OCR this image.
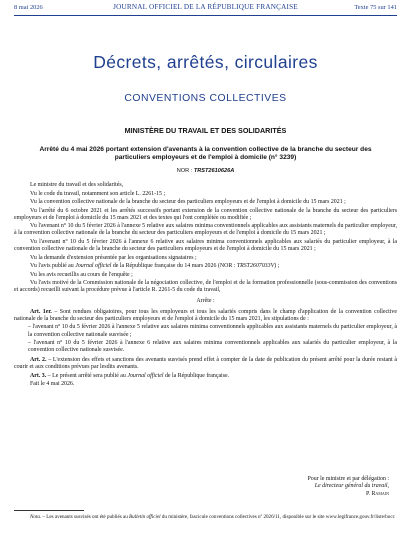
8 mai 2026	JOURNAL OFFICIEL DE LA RÉPUBLIQUE FRANÇAISE	Texte 75 sur 141
Décrets, arrêtés, circulaires
CONVENTIONS COLLECTIVES
MINISTÈRE DU TRAVAIL ET DES SOLIDARITÉS
Arrêté du 4 mai 2026 portant extension d'avenants à la convention collective de la branche du secteur des particuliers employeurs et de l'emploi à domicile (n° 3239)
NOR : TRST2610626A

Le ministre du travail et des solidarités,

Vu le code du travail, notamment son article L. 2261-15 ;

Vu la convention collective nationale de la branche du secteur des particuliers employeurs et de l'emploi à domicile du 15 mars 2021 ;

Vu l'arrêté du 6 octobre 2021 et les arrêtés successifs portant extension de la convention collective nationale de la branche du secteur des particuliers employeurs et de l'emploi à domicile du 15 mars 2021 et des textes qui l'ont complétée ou modifiée ;

Vu l'avenant n° 10 du 5 février 2026 à l'annexe 5 relative aux salaires minima conventionnels applicables aux assistants maternels du particulier employeur, à la convention collective nationale de la branche du secteur des particuliers employeurs et de l'emploi à domicile du 15 mars 2021 ;

Vu l'avenant n° 10 du 5 février 2026 à l'annexe 6 relative aux salaires minima conventionnels applicables aux salariés du particulier employeur, à la convention collective nationale de la branche du secteur des particuliers employeurs et de l'emploi à domicile du 15 mars 2021 ;

Vu la demande d'extension présentée par les organisations signataires ;

Vu l'avis publié au Journal officiel de la République française du 14 mars 2026 (NOR : TRST2607033V) ;

Vu les avis recueillis au cours de l'enquête ;

Vu l'avis motivé de la Commission nationale de la négociation collective, de l'emploi et de la formation professionnelle (sous-commission des conventions et accords) recueilli suivant la procédure prévue à l'article R. 2261-5 du code du travail,

Arrête :

Art. 1er. – Sont rendues obligatoires, pour tous les employeurs et tous les salariés compris dans le champ d'application de la convention collective nationale de la branche du secteur des particuliers employeurs et de l'emploi à domicile du 15 mars 2021, les stipulations de :

– l'avenant n° 10 du 5 février 2026 à l'annexe 5 relative aux salaires minima conventionnels applicables aux assistants maternels du particulier employeur, à la convention collective nationale susvisée ;

– l'avenant n° 10 du 5 février 2026 à l'annexe 6 relative aux salaires minima conventionnels applicables aux salariés du particulier employeur, à la convention collective nationale susvisée.

Art. 2. – L'extension des effets et sanctions des avenants susvisés prend effet à compter de la date de publication du présent arrêté pour la durée restant à courir et aux conditions prévues par lesdits avenants.

Art. 3. – Le présent arrêté sera publié au Journal officiel de la République française.

Fait le 4 mai 2026.

Pour le ministre et par délégation :
Le directeur général du travail,
P. Ramain
Nota. – Les avenants susvisés ont été publiés au Bulletin officiel du ministère, fascicule conventions collectives nº 2026/11, disponible sur le site www.legifrance.gouv.fr/liste/bocc
